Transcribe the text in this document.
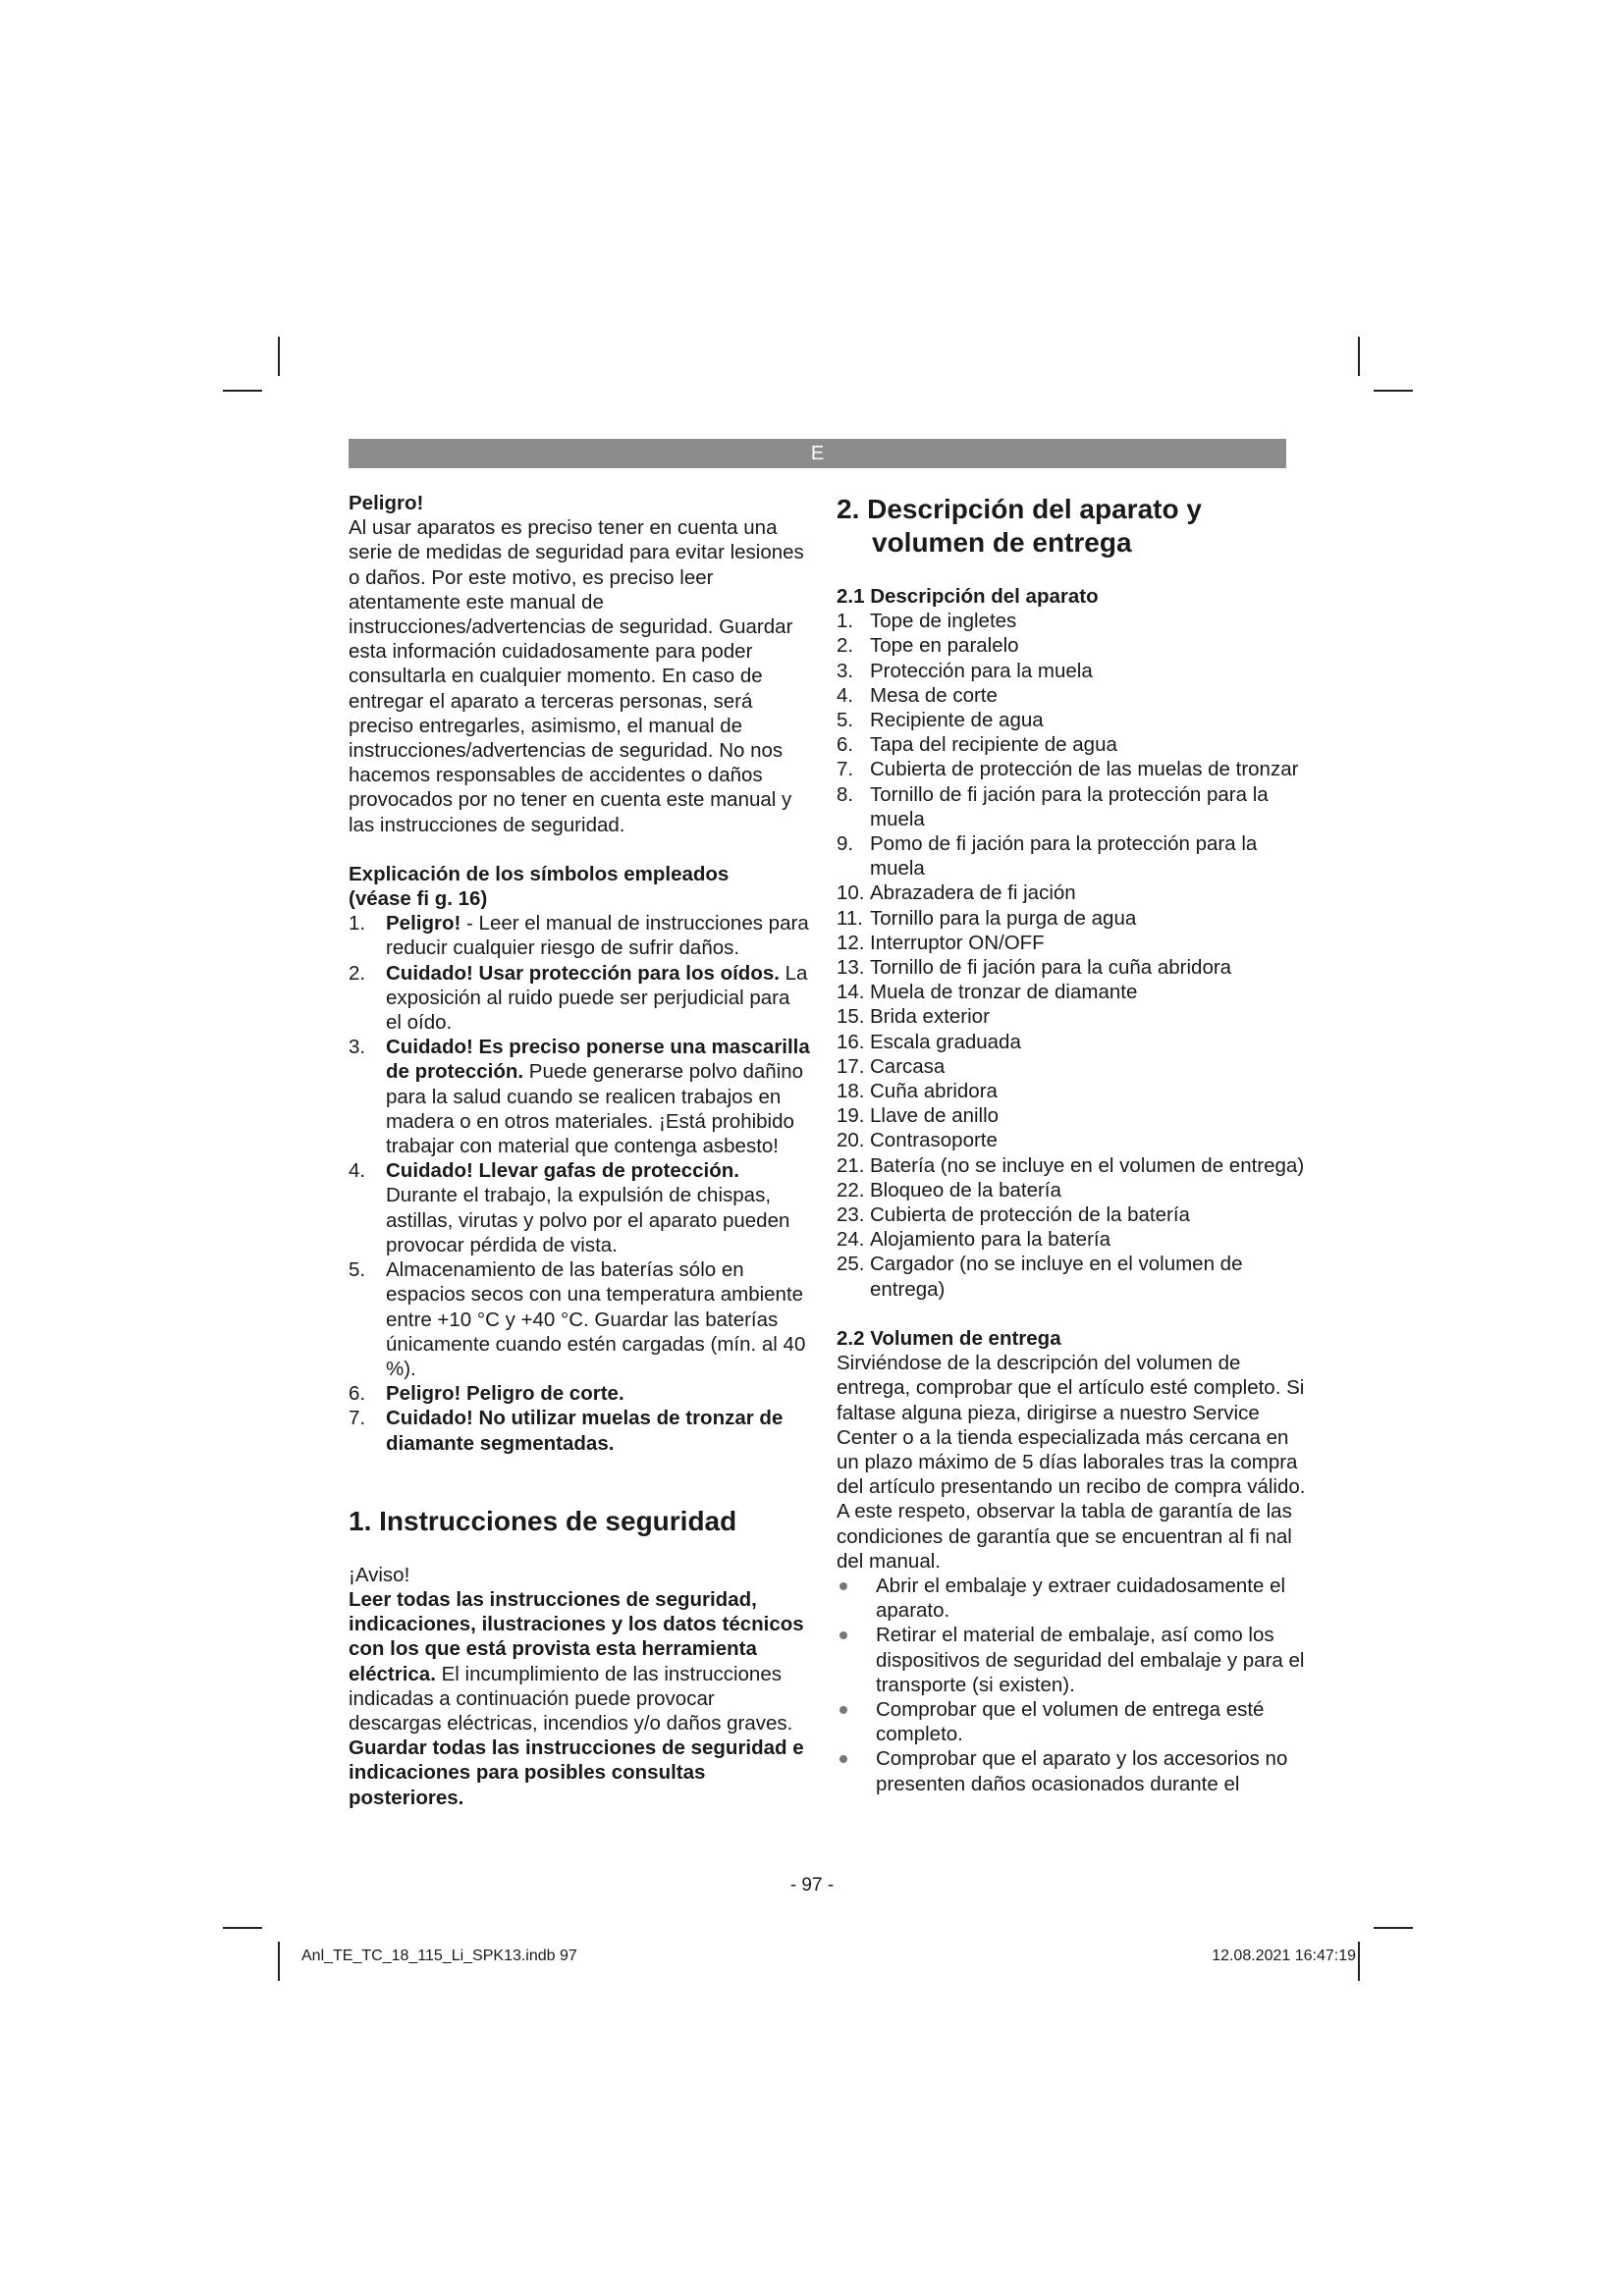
E

Peligro!

Al usar aparatos es preciso tener en cuenta una serie de medidas de seguridad para evitar lesiones o daños. Por este motivo, es preciso leer atentamente este manual de instrucciones/advertencias de seguridad. Guardar esta información cuidadosamente para poder consultarla en cualquier momento. En caso de entregar el aparato a terceras personas, será preciso entregarles, asimismo, el manual de instrucciones/advertencias de seguridad. No nos hacemos responsables de accidentes o daños provocados por no tener en cuenta este manual y las instrucciones de seguridad.

Explicación de los símbolos empleados
(véase fi g. 16)

1. Peligro! - Leer el manual de instrucciones para reducir cualquier riesgo de sufrir daños.
2. Cuidado! Usar protección para los oídos. La exposición al ruido puede ser perjudicial para el oído.
3. Cuidado! Es preciso ponerse una mascarilla de protección. Puede generarse polvo dañino para la salud cuando se realicen trabajos en madera o en otros materiales. ¡Está prohibido trabajar con material que contenga asbesto!
4. Cuidado! Llevar gafas de protección. Durante el trabajo, la expulsión de chispas, astillas, virutas y polvo por el aparato pueden provocar pérdida de vista.
5. Almacenamiento de las baterías sólo en espacios secos con una temperatura ambiente entre +10 °C y +40 °C. Guardar las baterías únicamente cuando estén cargadas (mín. al 40 %).
6. Peligro! Peligro de corte.
7. Cuidado! No utilizar muelas de tronzar de diamante segmentadas.

1. Instrucciones de seguridad

¡Aviso!

Leer todas las instrucciones de seguridad, indicaciones, ilustraciones y los datos técnicos con los que está provista esta herramienta eléctrica. El incumplimiento de las instrucciones indicadas a continuación puede provocar descargas eléctricas, incendios y/o daños graves. Guardar todas las instrucciones de seguridad e indicaciones para posibles consultas posteriores.

2. Descripción del aparato y
volumen de entrega

2.1 Descripción del aparato

1. Tope de ingletes
2. Tope en paralelo
3. Protección para la muela
4. Mesa de corte
5. Recipiente de agua
6. Tapa del recipiente de agua
7. Cubierta de protección de las muelas de tronzar
8. Tornillo de fi jación para la protección para la muela
9. Pomo de fi jación para la protección para la muela
10. Abrazadera de fi jación
11. Tornillo para la purga de agua
12. Interruptor ON/OFF
13. Tornillo de fi jación para la cuña abridora
14. Muela de tronzar de diamante
15. Brida exterior
16. Escala graduada
17. Carcasa
18. Cuña abridora
19. Llave de anillo
20. Contrasoporte
21. Batería (no se incluye en el volumen de entrega)
22. Bloqueo de la batería
23. Cubierta de protección de la batería
24. Alojamiento para la batería
25. Cargador (no se incluye en el volumen de entrega)

2.2 Volumen de entrega

Sirviéndose de la descripción del volumen de entrega, comprobar que el artículo esté completo. Si faltase alguna pieza, dirigirse a nuestro Service Center o a la tienda especializada más cercana en un plazo máximo de 5 días laborales tras la compra del artículo presentando un recibo de compra válido. A este respeto, observar la tabla de garantía de las condiciones de garantía que se encuentran al fi nal del manual.

Abrir el embalaje y extraer cuidadosamente el aparato.
Retirar el material de embalaje, así como los dispositivos de seguridad del embalaje y para el transporte (si existen).
Comprobar que el volumen de entrega esté completo.
Comprobar que el aparato y los accesorios no presenten daños ocasionados durante el
- 97 -
Anl_TE_TC_18_115_Li_SPK13.indb 97	12.08.2021 16:47:19
